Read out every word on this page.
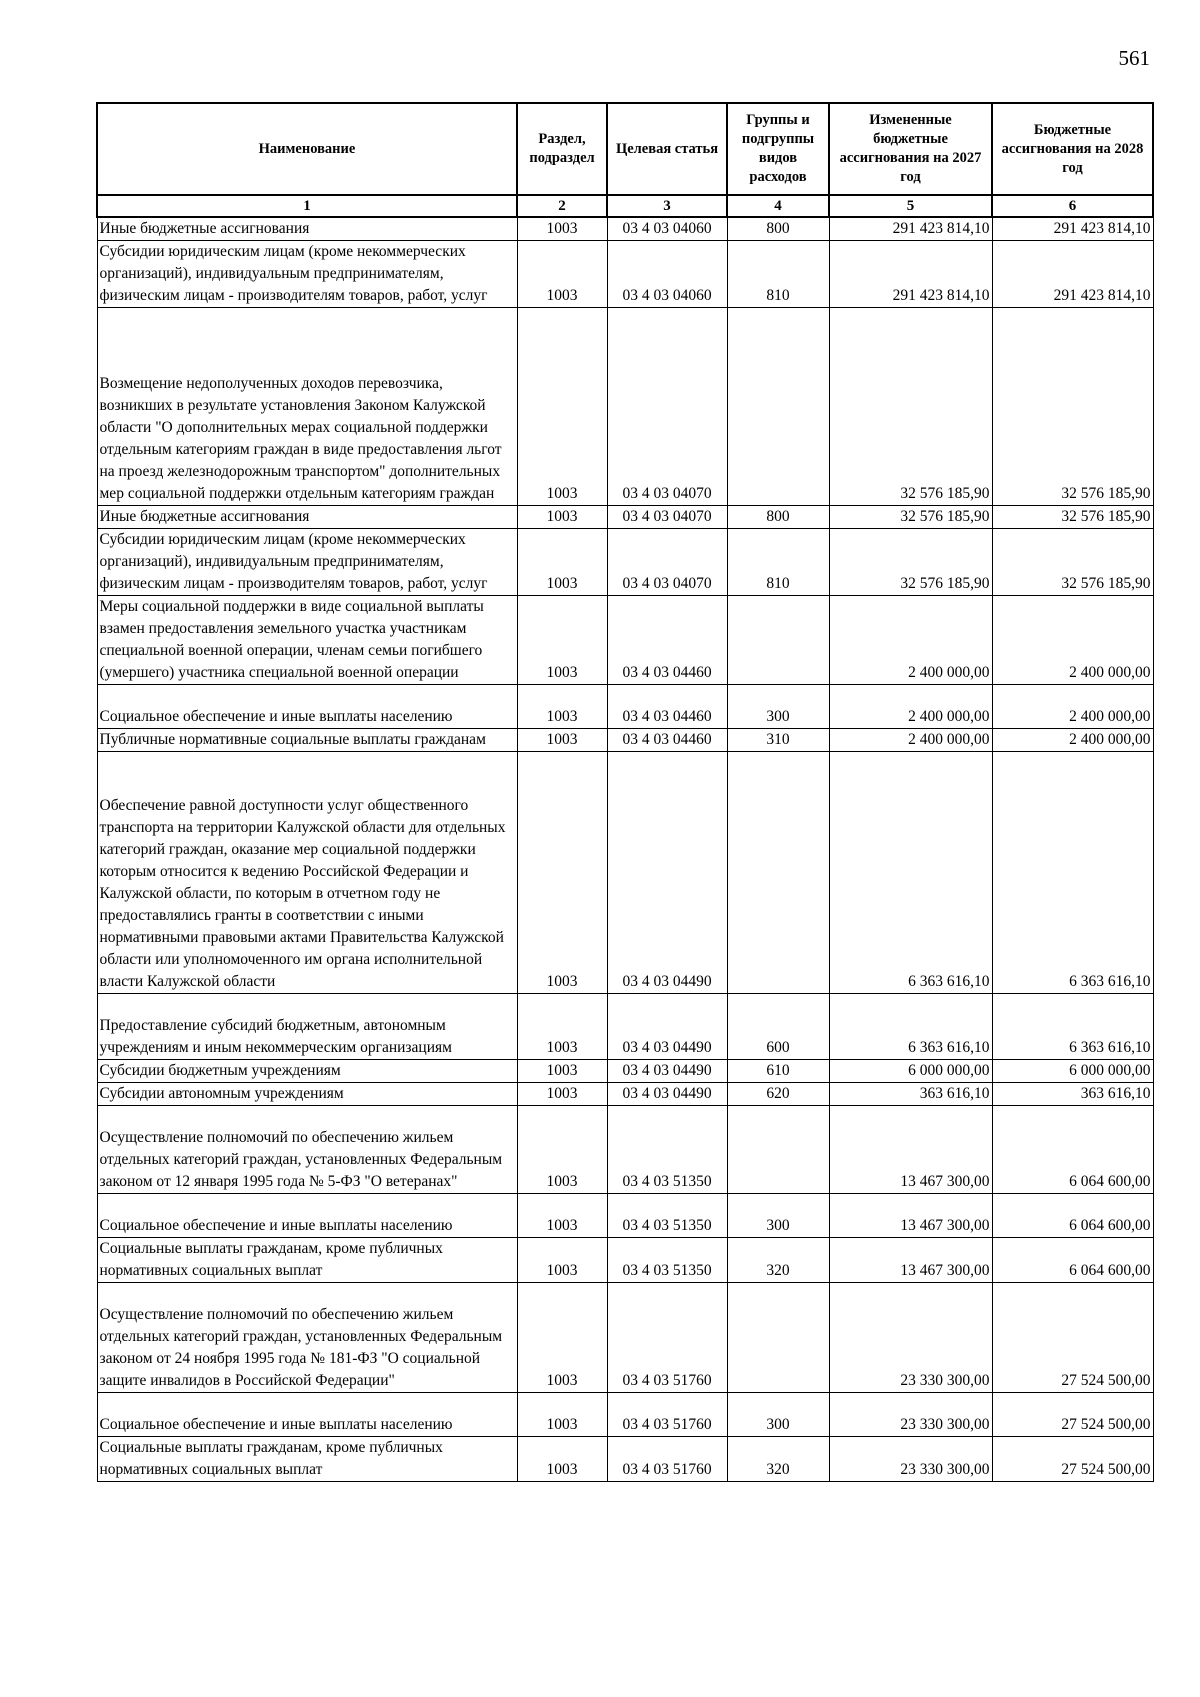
561
Наименование	Раздел, подраздел	Целевая статья	Группы и подгруппы видов расходов	Измененные бюджетные ассигнования на 2027 год	Бюджетные ассигнования на 2028 год
1	2	3	4	5	6
Иные бюджетные ассигнования	1003	03 4 03 04060	800	291 423 814,10	291 423 814,10
Субсидии юридическим лицам (кроме некоммерческих организаций), индивидуальным предпринимателям, физическим лицам - производителям товаров, работ, услуг	1003	03 4 03 04060	810	291 423 814,10	291 423 814,10
Возмещение недополученных доходов перевозчика, возникших в результате установления Законом Калужской области "О дополнительных мерах социальной поддержки отдельным категориям граждан в виде предоставления льгот на проезд железнодорожным транспортом" дополнительных мер социальной поддержки отдельным категориям граждан	1003	03 4 03 04070		32 576 185,90	32 576 185,90
Иные бюджетные ассигнования	1003	03 4 03 04070	800	32 576 185,90	32 576 185,90
Субсидии юридическим лицам (кроме некоммерческих организаций), индивидуальным предпринимателям, физическим лицам - производителям товаров, работ, услуг	1003	03 4 03 04070	810	32 576 185,90	32 576 185,90
Меры социальной поддержки в виде социальной выплаты взамен предоставления земельного участка участникам специальной военной операции, членам семьи погибшего (умершего) участника специальной военной операции	1003	03 4 03 04460		2 400 000,00	2 400 000,00
Социальное обеспечение и иные выплаты населению	1003	03 4 03 04460	300	2 400 000,00	2 400 000,00
Публичные нормативные социальные выплаты гражданам	1003	03 4 03 04460	310	2 400 000,00	2 400 000,00
Обеспечение равной доступности услуг общественного транспорта на территории Калужской области для отдельных категорий граждан, оказание мер социальной поддержки которым относится к ведению Российской Федерации и Калужской области, по которым в отчетном году не предоставлялись гранты в соответствии с иными нормативными правовыми актами Правительства Калужской области или уполномоченного им органа исполнительной власти Калужской области	1003	03 4 03 04490		6 363 616,10	6 363 616,10
Предоставление субсидий бюджетным, автономным учреждениям и иным некоммерческим организациям	1003	03 4 03 04490	600	6 363 616,10	6 363 616,10
Субсидии бюджетным учреждениям	1003	03 4 03 04490	610	6 000 000,00	6 000 000,00
Субсидии автономным учреждениям	1003	03 4 03 04490	620	363 616,10	363 616,10
Осуществление полномочий по обеспечению жильем отдельных категорий граждан, установленных Федеральным законом от 12 января 1995 года № 5-ФЗ "О ветеранах"	1003	03 4 03 51350		13 467 300,00	6 064 600,00
Социальное обеспечение и иные выплаты населению	1003	03 4 03 51350	300	13 467 300,00	6 064 600,00
Социальные выплаты гражданам, кроме публичных нормативных социальных выплат	1003	03 4 03 51350	320	13 467 300,00	6 064 600,00
Осуществление полномочий по обеспечению жильем отдельных категорий граждан, установленных Федеральным законом от 24 ноября 1995 года № 181-ФЗ "О социальной защите инвалидов в Российской Федерации"	1003	03 4 03 51760		23 330 300,00	27 524 500,00
Социальное обеспечение и иные выплаты населению	1003	03 4 03 51760	300	23 330 300,00	27 524 500,00
Социальные выплаты гражданам, кроме публичных нормативных социальных выплат	1003	03 4 03 51760	320	23 330 300,00	27 524 500,00
